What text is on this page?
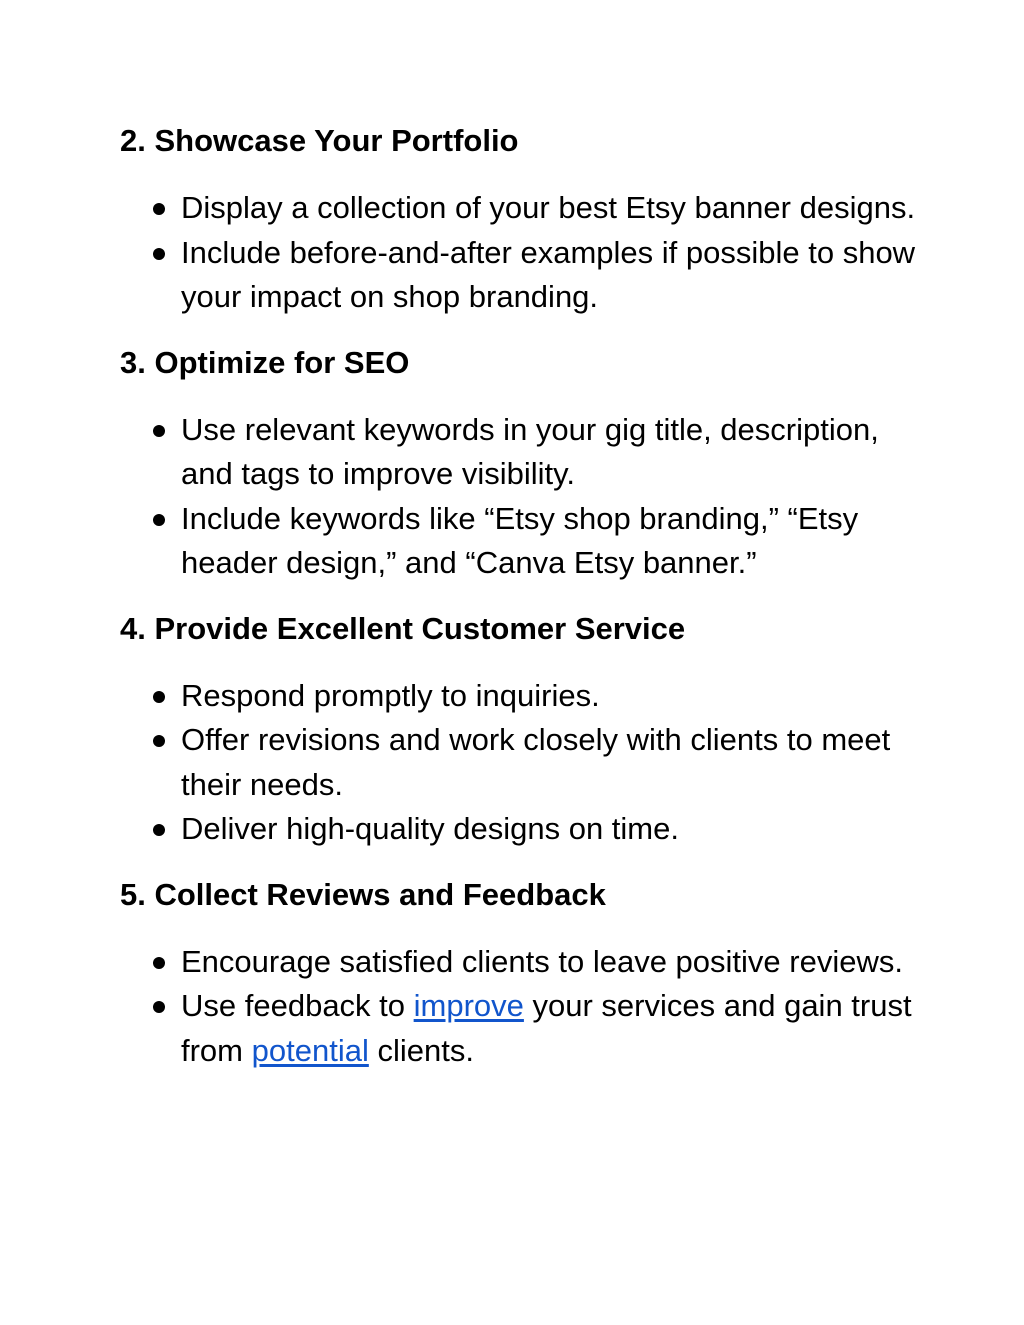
2. Showcase Your Portfolio
Display a collection of your best Etsy banner designs.
Include before-and-after examples if possible to show your impact on shop branding.
3. Optimize for SEO
Use relevant keywords in your gig title, description, and tags to improve visibility.
Include keywords like “Etsy shop branding,” “Etsy header design,” and “Canva Etsy banner.”
4. Provide Excellent Customer Service
Respond promptly to inquiries.
Offer revisions and work closely with clients to meet their needs.
Deliver high-quality designs on time.
5. Collect Reviews and Feedback
Encourage satisfied clients to leave positive reviews.
Use feedback to improve your services and gain trust from potential clients.
